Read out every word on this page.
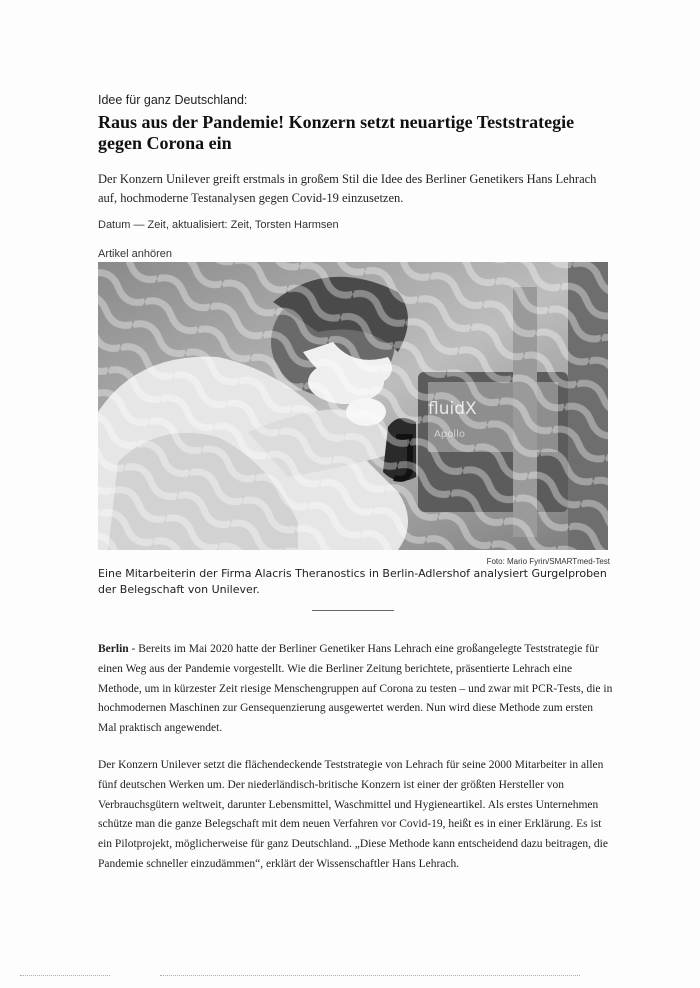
Idee für ganz Deutschland:
Raus aus der Pandemie! Konzern setzt neuartige Teststrategie gegen Corona ein

Der Konzern Unilever greift erstmals in großem Stil die Idee des Berliner Genetikers Hans Lehrach auf, hochmoderne Testanalysen gegen Covid-19 einzusetzen.

Datum — Zeit, aktualisiert: Zeit, Torsten Harmsen
Artikel anhören
Foto: Mario Fyrin/SMARTmed-Test

Eine Mitarbeiterin der Firma Alacris Theranostics in Berlin-Adlershof analysiert Gurgelproben der Belegschaft von Unilever.

Berlin - Bereits im Mai 2020 hatte der Berliner Genetiker Hans Lehrach eine großangelegte Teststrategie für einen Weg aus der Pandemie vorgestellt. Wie die Berliner Zeitung berichtete, präsentierte Lehrach eine Methode, um in kürzester Zeit riesige Menschengruppen auf Corona zu testen – und zwar mit PCR-Tests, die in hochmodernen Maschinen zur Gensequenzierung ausgewertet werden. Nun wird diese Methode zum ersten Mal praktisch angewendet.

Der Konzern Unilever setzt die flächendeckende Teststrategie von Lehrach für seine 2000 Mitarbeiter in allen fünf deutschen Werken um. Der niederländisch-britische Konzern ist einer der größten Hersteller von Verbrauchsgütern weltweit, darunter Lebensmittel, Waschmittel und Hygieneartikel. Als erstes Unternehmen schütze man die ganze Belegschaft mit dem neuen Verfahren vor Covid-19, heißt es in einer Erklärung. Es ist ein Pilotprojekt, möglicherweise für ganz Deutschland. „Diese Methode kann entscheidend dazu beitragen, die Pandemie schneller einzudämmen“, erklärt der Wissenschaftler Hans Lehrach.
